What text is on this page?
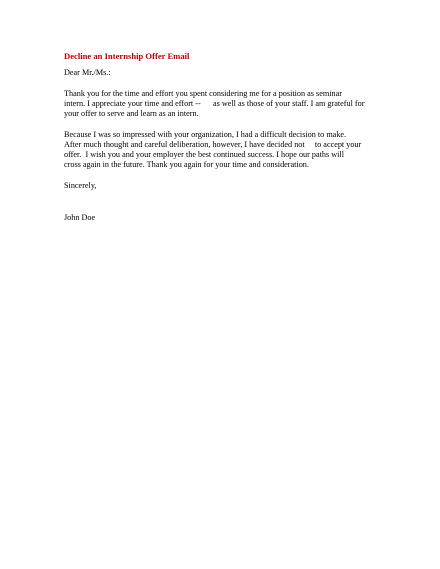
Decline an Internship Offer Email
Dear Mr./Ms.:
Thank you for the time and effort you spent considering me for a position as seminar
intern. I appreciate your time and effort --      as well as those of your staff. I am grateful for
your offer to serve and learn as an intern.
Because I was so impressed with your organization, I had a difficult decision to make.
After much thought and careful deliberation, however, I have decided not     to accept your
offer.  I wish you and your employer the best continued success. I hope our paths will
cross again in the future. Thank you again for your time and consideration.
Sincerely,
John Doe
